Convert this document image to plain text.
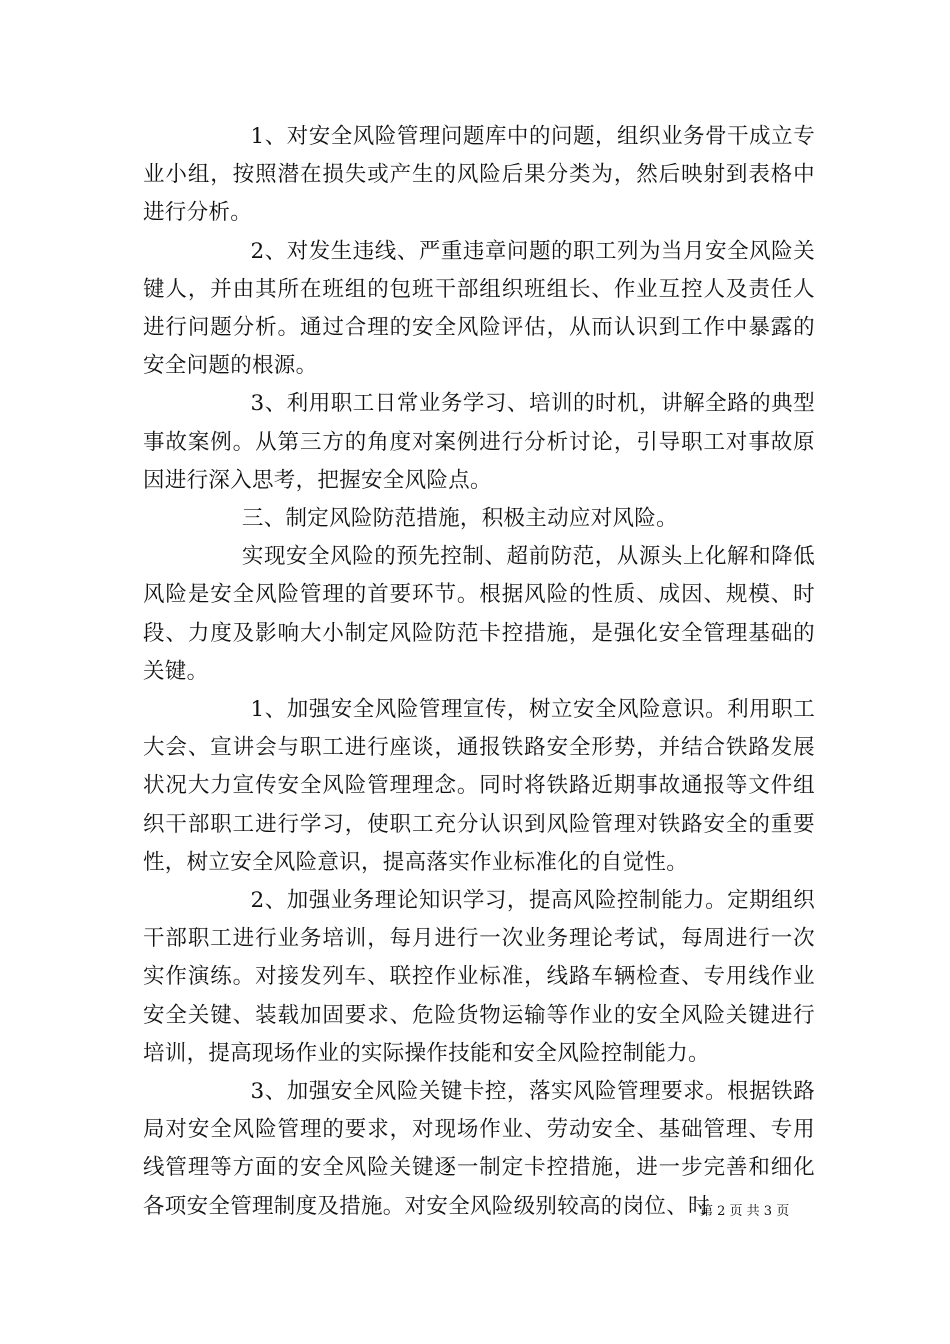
1、对安全风险管理问题库中的问题，组织业务骨干成立专业小组，按照潜在损失或产生的风险后果分类为，然后映射到表格中进行分析。

2、对发生违线、严重违章问题的职工列为当月安全风险关键人，并由其所在班组的包班干部组织班组长、作业互控人及责任人进行问题分析。通过合理的安全风险评估，从而认识到工作中暴露的安全问题的根源。

3、利用职工日常业务学习、培训的时机，讲解全路的典型事故案例。从第三方的角度对案例进行分析讨论，引导职工对事故原因进行深入思考，把握安全风险点。

三、制定风险防范措施，积极主动应对风险。

实现安全风险的预先控制、超前防范，从源头上化解和降低风险是安全风险管理的首要环节。根据风险的性质、成因、规模、时段、力度及影响大小制定风险防范卡控措施，是强化安全管理基础的关键。

1、加强安全风险管理宣传，树立安全风险意识。利用职工大会、宣讲会与职工进行座谈，通报铁路安全形势，并结合铁路发展状况大力宣传安全风险管理理念。同时将铁路近期事故通报等文件组织干部职工进行学习，使职工充分认识到风险管理对铁路安全的重要性，树立安全风险意识，提高落实作业标准化的自觉性。

2、加强业务理论知识学习，提高风险控制能力。定期组织干部职工进行业务培训，每月进行一次业务理论考试，每周进行一次实作演练。对接发列车、联控作业标准，线路车辆检查、专用线作业安全关键、装载加固要求、危险货物运输等作业的安全风险关键进行培训，提高现场作业的实际操作技能和安全风险控制能力。

3、加强安全风险关键卡控，落实风险管理要求。根据铁路局对安全风险管理的要求，对现场作业、劳动安全、基础管理、专用线管理等方面的安全风险关键逐一制定卡控措施，进一步完善和细化各项安全管理制度及措施。对安全风险级别较高的岗位、时

第 2 页 共 3 页
